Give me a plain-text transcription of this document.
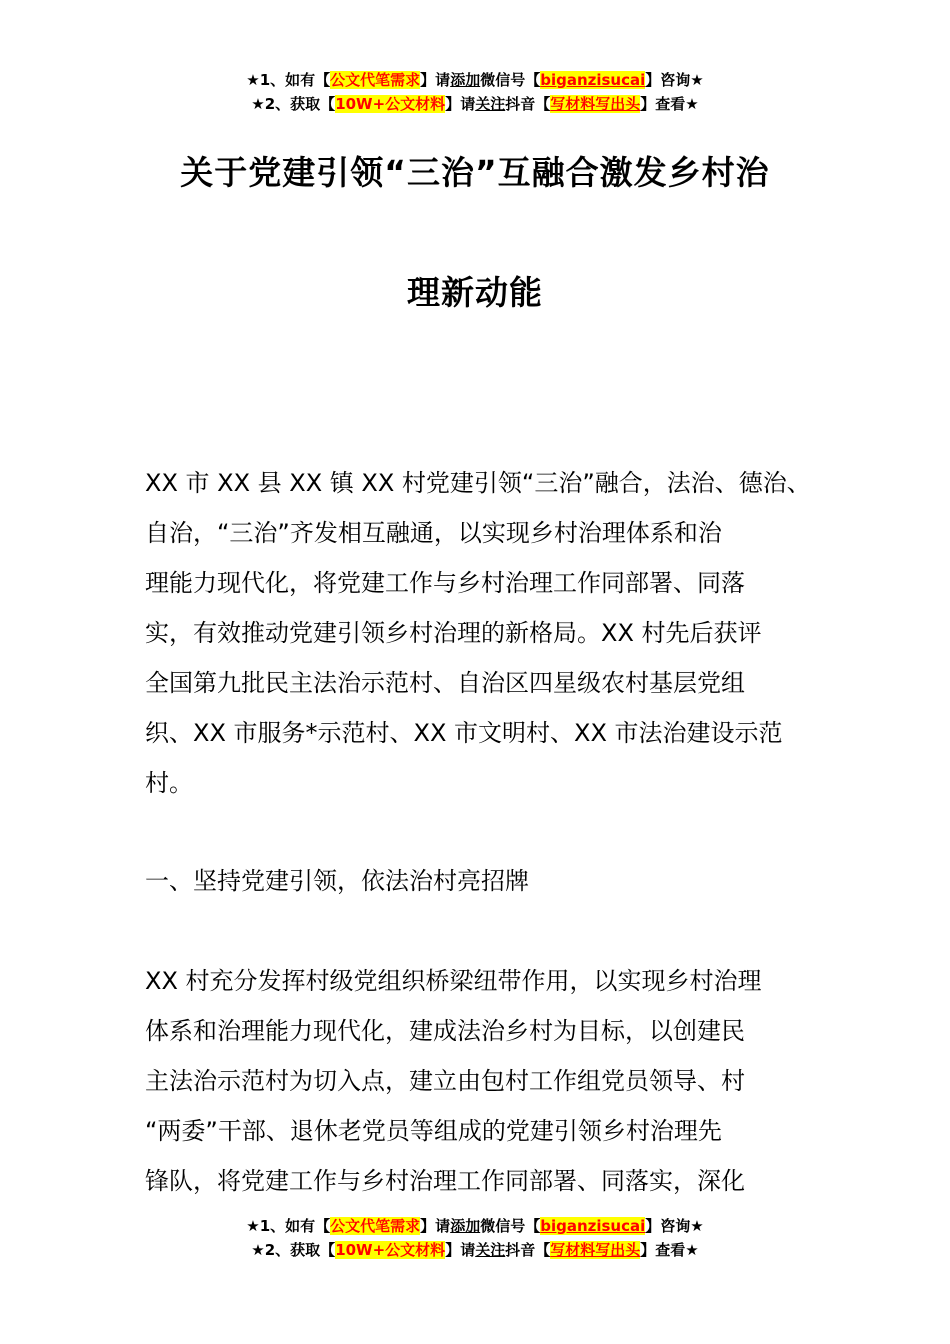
★1、如有【公文代笔需求】请添加微信号【biganzisucai】咨询★
★2、获取【10W+公文材料】请关注抖音【写材料写出头】查看★
关于党建引领“三治”互融合激发乡村治
理新动能
XX 市 XX 县 XX 镇 XX 村党建引领“三治”融合，法治、德治、
自治，“三治”齐发相互融通，以实现乡村治理体系和治
理能力现代化，将党建工作与乡村治理工作同部署、同落
实，有效推动党建引领乡村治理的新格局。XX 村先后获评
全国第九批民主法治示范村、自治区四星级农村基层党组
织、XX 市服务*示范村、XX 市文明村、XX 市法治建设示范
村。
一、坚持党建引领，依法治村亮招牌
XX 村充分发挥村级党组织桥梁纽带作用，以实现乡村治理
体系和治理能力现代化，建成法治乡村为目标，以创建民
主法治示范村为切入点，建立由包村工作组党员领导、村
“两委”干部、退休老党员等组成的党建引领乡村治理先
锋队，将党建工作与乡村治理工作同部署、同落实，深化
★1、如有【公文代笔需求】请添加微信号【biganzisucai】咨询★
★2、获取【10W+公文材料】请关注抖音【写材料写出头】查看★
